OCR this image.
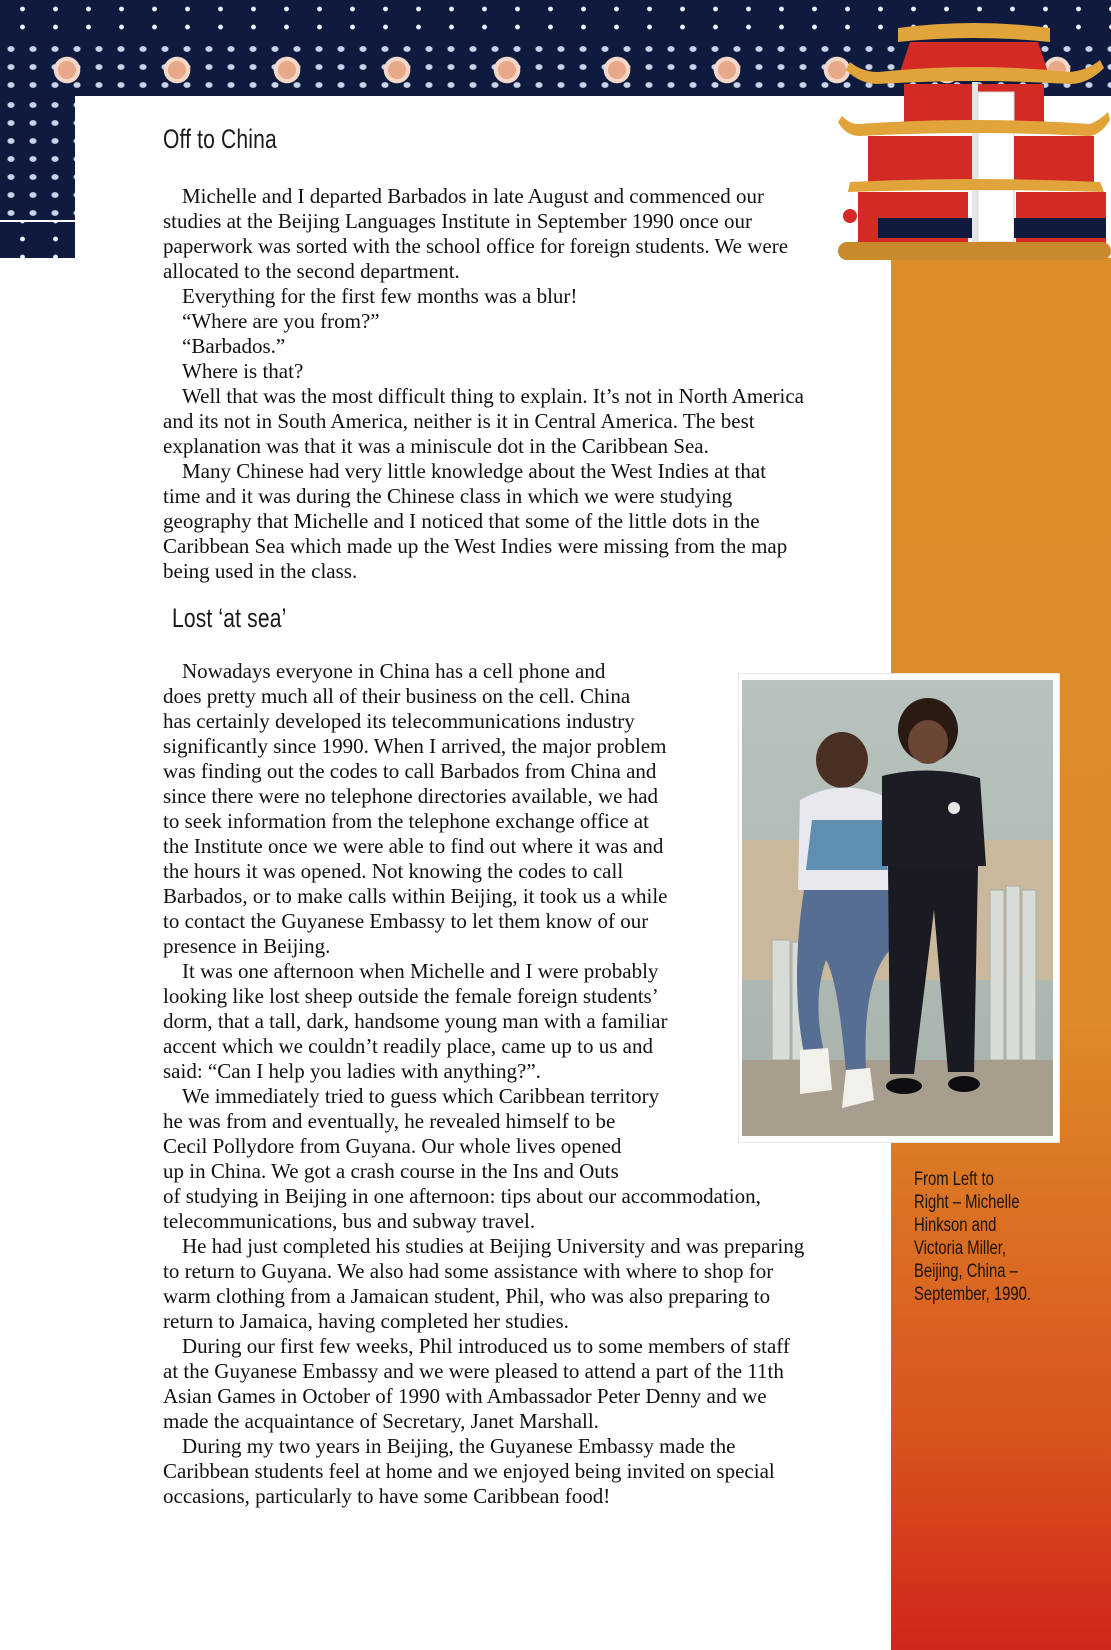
Off to China

Michelle and I departed Barbados in late August and commenced our

studies at the Beijing Languages Institute in September 1990 once our

paperwork was sorted with the school office for foreign students. We were

allocated to the second department.

Everything for the first few months was a blur!

“Where are you from?”

“Barbados.”

Where is that?

Well that was the most difficult thing to explain. It’s not in North America

and its not in South America, neither is it in Central America. The best

explanation was that it was a miniscule dot in the Caribbean Sea.

Many Chinese had very little knowledge about the West Indies at that

time and it was during the Chinese class in which we were studying

geography that Michelle and I noticed that some of the little dots in the

Caribbean Sea which made up the West Indies were missing from the map

being used in the class.

Lost ‘at sea’

Nowadays everyone in China has a cell phone and

does pretty much all of their business on the cell. China

has certainly developed its telecommunications industry

significantly since 1990. When I arrived, the major problem

was finding out the codes to call Barbados from China and

since there were no telephone directories available, we had

to seek information from the telephone exchange office at

the Institute once we were able to find out where it was and

the hours it was opened. Not knowing the codes to call

Barbados, or to make calls within Beijing, it took us a while

to contact the Guyanese Embassy to let them know of our

presence in Beijing.

It was one afternoon when Michelle and I were probably

looking like lost sheep outside the female foreign students’

dorm, that a tall, dark, handsome young man with a familiar

accent which we couldn’t readily place, came up to us and

said: “Can I help you ladies with anything?”.

We immediately tried to guess which Caribbean territory

he was from and eventually, he revealed himself to be

Cecil Pollydore from Guyana. Our whole lives opened

up in China. We got a crash course in the Ins and Outs

of studying in Beijing in one afternoon: tips about our accommodation,

telecommunications, bus and subway travel.

He had just completed his studies at Beijing University and was preparing

to return to Guyana. We also had some assistance with where to shop for

warm clothing from a Jamaican student, Phil, who was also preparing to

return to Jamaica, having completed her studies.

During our first few weeks, Phil introduced us to some members of staff

at the Guyanese Embassy and we were pleased to attend a part of the 11th

Asian Games in October of 1990 with Ambassador Peter Denny and we

made the acquaintance of Secretary, Janet Marshall.

During my two years in Beijing, the Guyanese Embassy made the

Caribbean students feel at home and we enjoyed being invited on special

occasions, particularly to have some Caribbean food!

From Left to
Right – Michelle
Hinkson and
Victoria Miller,
Beijing, China –
September, 1990.
